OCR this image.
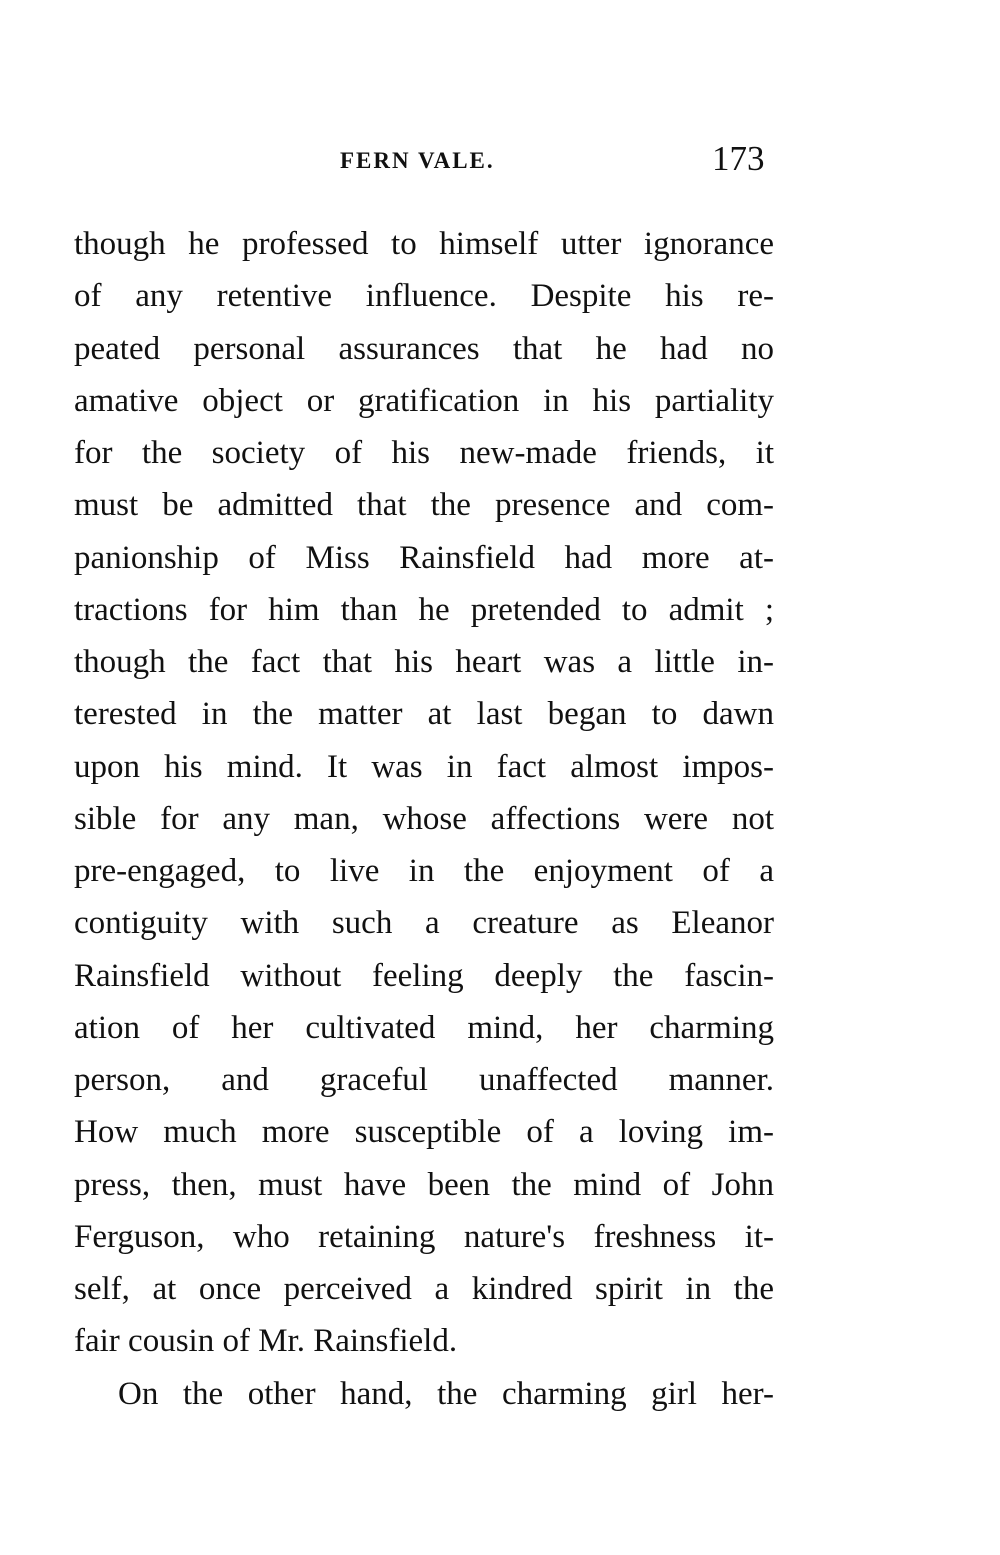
FERN VALE.	173
though he professed to himself utter ignorance
of any retentive influence. Despite his re-
peated personal assurances that he had no
amative object or gratification in his partiality
for the society of his new-made friends, it
must be admitted that the presence and com-
panionship of Miss Rainsfield had more at-
tractions for him than he pretended to admit ;
though the fact that his heart was a little in-
terested in the matter at last began to dawn
upon his mind. It was in fact almost impos-
sible for any man, whose affections were not
pre-engaged, to live in the enjoyment of a
contiguity with such a creature as Eleanor
Rainsfield without feeling deeply the fascin-
ation of her cultivated mind, her charming
person, and graceful unaffected manner.
How much more susceptible of a loving im-
press, then, must have been the mind of John
Ferguson, who retaining nature's freshness it-
self, at once perceived a kindred spirit in the
fair cousin of Mr. Rainsfield.
On the other hand, the charming girl her-
